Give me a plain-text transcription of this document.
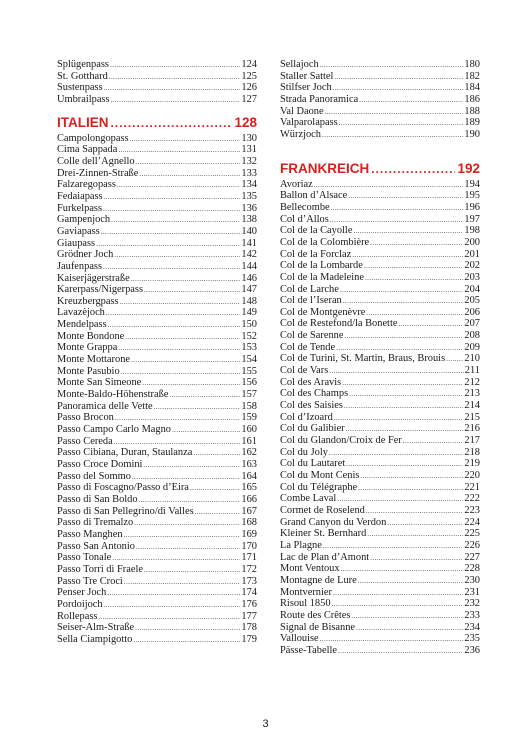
Splügenpass .....	124
St. Gotthard .....	125
Sustenpass .....	126
Umbrailpass .....	127
ITALIEN .....	128
Campolongopass .....	130
Cima Sappada .....	131
Colle dell’Agnello .....	132
Drei-Zinnen-Straße .....	133
Falzaregopass .....	134
Fedaiapass .....	135
Furkelpass .....	136
Gampenjoch .....	138
Gaviapass .....	140
Giaupass .....	141
Grödner Joch .....	142
Jaufenpass .....	144
Kaiserjägerstraße .....	146
Karerpass/Nigerpass .....	147
Kreuzbergpass .....	148
Lavazèjoch .....	149
Mendelpass .....	150
Monte Bondone .....	152
Monte Grappa .....	153
Monte Mottarone .....	154
Monte Pasubio .....	155
Monte San Simeone .....	156
Monte-Baldo-Höhenstraße .....	157
Panoramica delle Vette .....	158
Passo Brocon .....	159
Passo Campo Carlo Magno .....	160
Passo Cereda .....	161
Passo Cibiana, Duran, Staulanza .....	162
Passo Croce Domini .....	163
Passo del Sommo .....	164
Passo di Foscagno/Passo d’Eira .....	165
Passo di San Boldo .....	166
Passo di San Pellegrino/di Valles .....	167
Passo di Tremalzo .....	168
Passo Manghen .....	169
Passo San Antonio .....	170
Passo Tonale .....	171
Passo Torri di Fraele .....	172
Passo Tre Croci .....	173
Penser Joch .....	174
Pordoijoch .....	176
Rollepass .....	177
Seiser-Alm-Straße .....	178
Sella Ciampigotto .....	179
Sellajoch .....	180
Staller Sattel .....	182
Stilfser Joch .....	184
Strada Panoramica .....	186
Val Daone .....	188
Valparolapass .....	189
Würzjoch .....	190
FRANKREICH .....	192
Avoriaz .....	194
Ballon d’Alsace .....	195
Bellecombe .....	196
Col d’Allos .....	197
Col de la Cayolle .....	198
Col de la Colombière .....	200
Col de la Forclaz .....	201
Col de la Lombarde .....	202
Col de la Madeleine .....	203
Col de Larche .....	204
Col de l’Iseran .....	205
Col de Montgenèvre .....	206
Col de Restefond/la Bonette .....	207
Col de Sarenne .....	208
Col de Tende .....	209
Col de Turini, St. Martin, Braus, Brouis ..... 210
Col de Vars .....	211
Col des Aravis .....	212
Col des Champs .....	213
Col des Saisies .....	214
Col d’Izoard .....	215
Col du Galibier .....	216
Col du Glandon/Croix de Fer .....	217
Col du Joly .....	218
Col du Lautaret .....	219
Col du Mont Cenis .....	220
Col du Télégraphe .....	221
Combe Laval .....	222
Cormet de Roselend .....	223
Grand Canyon du Verdon .....	224
Kleiner St. Bernhard .....	225
La Plagne .....	226
Lac de Plan d’Amont .....	227
Mont Ventoux .....	228
Montagne de Lure .....	230
Montvernier .....	231
Risoul 1850 .....	232
Route des Crêtes .....	233
Signal de Bisanne .....	234
Vallouise .....	235
Pässe-Tabelle .....	236
3
